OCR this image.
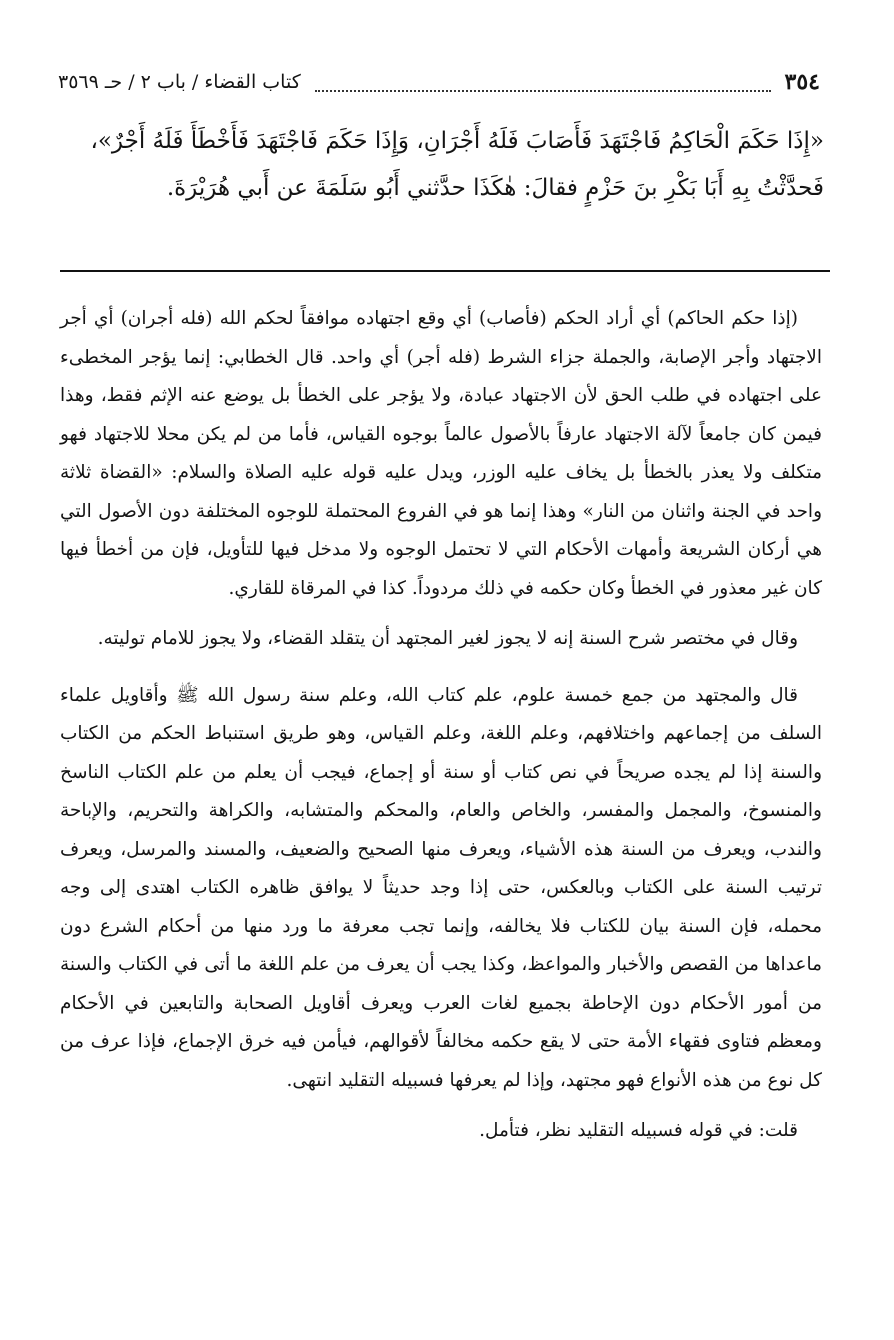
٣٥٤
كتاب القضاء / باب ٢ / حـ ٣٥٦٩

«إِذَا حَكَمَ الْحَاكِمُ فَاجْتَهَدَ فَأَصَابَ فَلَهُ أَجْرَانِ، وَإِذَا حَكَمَ فَاجْتَهَدَ فَأَخْطَأَ فَلَهُ أَجْرٌ»،

فَحدَّثْتُ بِهِ أَبَا بَكْرِ بنَ حَزْمٍ فقالَ: هٰكَذَا حدَّثني أَبُو سَلَمَةَ عن أَبي هُرَيْرَةَ.

(إذا حكم الحاكم) أي أراد الحكم (فأصاب) أي وقع اجتهاده موافقاً لحكم الله (فله أجران) أي أجر الاجتهاد وأجر الإصابة، والجملة جزاء الشرط (فله أجر) أي واحد. قال الخطابي: إنما يؤجر المخطىء على اجتهاده في طلب الحق لأن الاجتهاد عبادة، ولا يؤجر على الخطأ بل يوضع عنه الإثم فقط، وهذا فيمن كان جامعاً لآلة الاجتهاد عارفاً بالأصول عالماً بوجوه القياس، فأما من لم يكن محلا للاجتهاد فهو متكلف ولا يعذر بالخطأ بل يخاف عليه الوزر، ويدل عليه قوله عليه الصلاة والسلام: «القضاة ثلاثة واحد في الجنة واثنان من النار» وهذا إنما هو في الفروع المحتملة للوجوه المختلفة دون الأصول التي هي أركان الشريعة وأمهات الأحكام التي لا تحتمل الوجوه ولا مدخل فيها للتأويل، فإن من أخطأ فيها كان غير معذور في الخطأ وكان حكمه في ذلك مردوداً. كذا في المرقاة للقاري.

وقال في مختصر شرح السنة إنه لا يجوز لغير المجتهد أن يتقلد القضاء، ولا يجوز للامام توليته.

قال والمجتهد من جمع خمسة علوم، علم كتاب الله، وعلم سنة رسول الله ﷺ وأقاويل علماء السلف من إجماعهم واختلافهم، وعلم اللغة، وعلم القياس، وهو طريق استنباط الحكم من الكتاب والسنة إذا لم يجده صريحاً في نص كتاب أو سنة أو إجماع، فيجب أن يعلم من علم الكتاب الناسخ والمنسوخ، والمجمل والمفسر، والخاص والعام، والمحكم والمتشابه، والكراهة والتحريم، والإباحة والندب، ويعرف من السنة هذه الأشياء، ويعرف منها الصحيح والضعيف، والمسند والمرسل، ويعرف ترتيب السنة على الكتاب وبالعكس، حتى إذا وجد حديثاً لا يوافق ظاهره الكتاب اهتدى إلى وجه محمله، فإن السنة بيان للكتاب فلا يخالفه، وإنما تجب معرفة ما ورد منها من أحكام الشرع دون ماعداها من القصص والأخبار والمواعظ، وكذا يجب أن يعرف من علم اللغة ما أتى في الكتاب والسنة من أمور الأحكام دون الإحاطة بجميع لغات العرب ويعرف أقاويل الصحابة والتابعين في الأحكام ومعظم فتاوى فقهاء الأمة حتى لا يقع حكمه مخالفاً لأقوالهم، فيأمن فيه خرق الإجماع، فإذا عرف من كل نوع من هذه الأنواع فهو مجتهد، وإذا لم يعرفها فسبيله التقليد انتهى.

قلت: في قوله فسبيله التقليد نظر، فتأمل.
